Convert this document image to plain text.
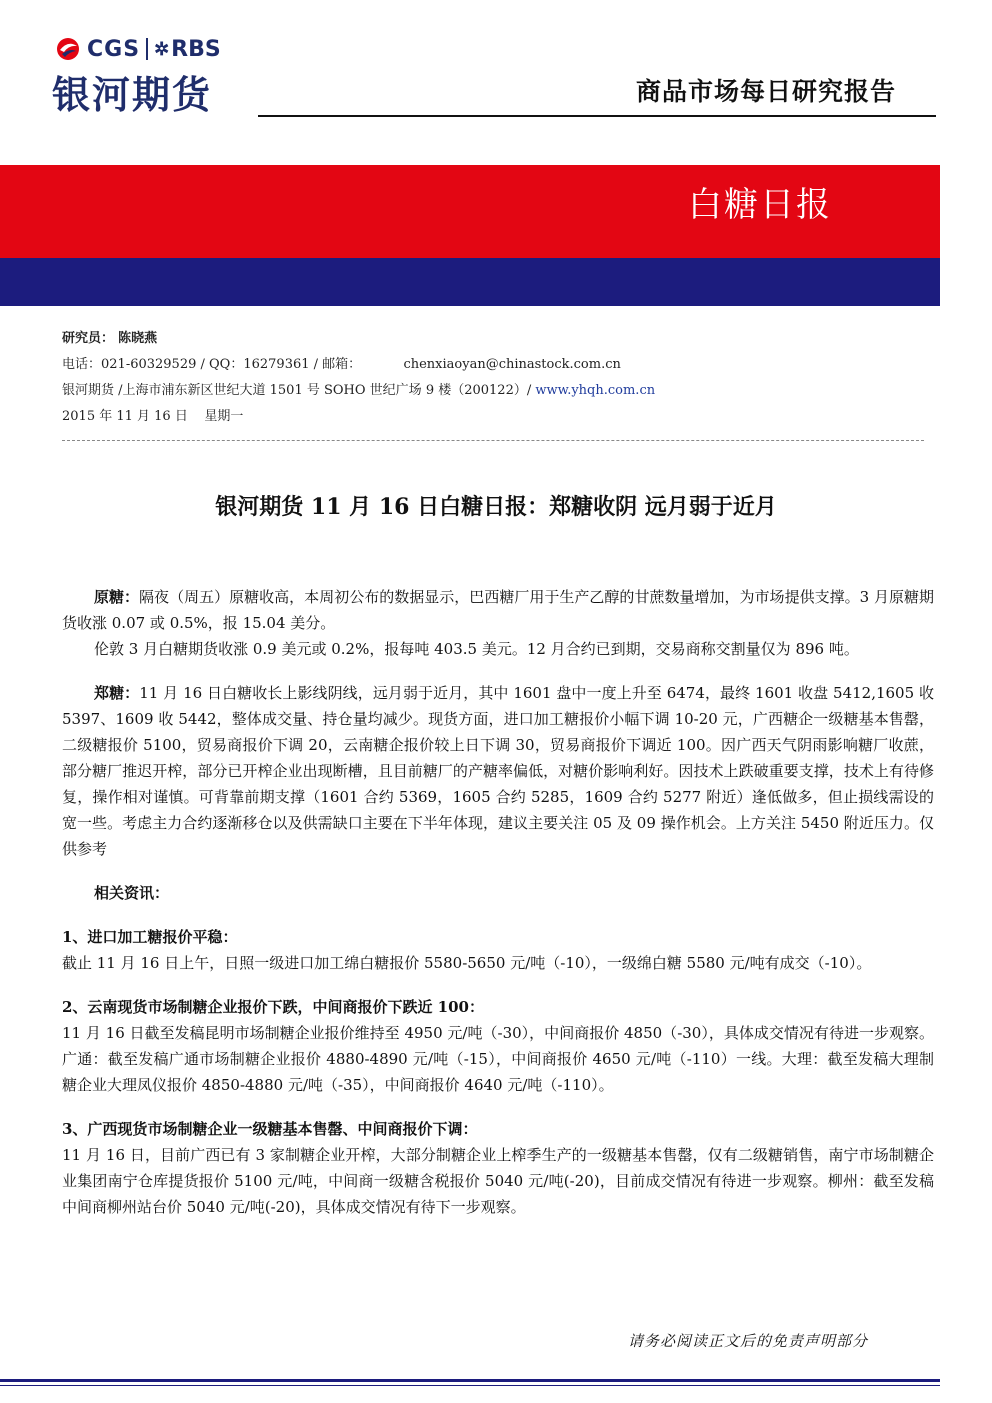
CGS ✲ RBS
银河期货	商品市场每日研究报告
白糖日报
研究员： 陈晓燕
电话：021-60329529 / QQ：16279361 / 邮箱：	chenxiaoyan@chinastock.com.cn
银河期货 /上海市浦东新区世纪大道 1501 号 SOHO 世纪广场 9 楼（200122）/ www.yhqh.com.cn
2015 年 11 月 16 日    星期一
银河期货 11 月 16 日白糖日报：郑糖收阴 远月弱于近月

原糖：隔夜（周五）原糖收高，本周初公布的数据显示，巴西糖厂用于生产乙醇的甘蔗数量增加，为市场提供支撑。3 月原糖期货收涨 0.07 或 0.5%，报 15.04 美分。

伦敦 3 月白糖期货收涨 0.9 美元或 0.2%，报每吨 403.5 美元。12 月合约已到期，交易商称交割量仅为 896 吨。

郑糖：11 月 16 日白糖收长上影线阴线，远月弱于近月，其中 1601 盘中一度上升至 6474，最终 1601 收盘 5412,1605 收 5397、1609 收 5442，整体成交量、持仓量均减少。现货方面，进口加工糖报价小幅下调 10-20 元，广西糖企一级糖基本售罄，二级糖报价 5100，贸易商报价下调 20，云南糖企报价较上日下调 30，贸易商报价下调近 100。因广西天气阴雨影响糖厂收蔗，部分糖厂推迟开榨，部分已开榨企业出现断槽，且目前糖厂的产糖率偏低，对糖价影响利好。因技术上跌破重要支撑，技术上有待修复，操作相对谨慎。可背靠前期支撑（1601 合约 5369，1605 合约 5285，1609 合约 5277 附近）逢低做多，但止损线需设的宽一些。考虑主力合约逐渐移仓以及供需缺口主要在下半年体现，建议主要关注 05 及 09 操作机会。上方关注 5450 附近压力。仅供参考

相关资讯：

1、进口加工糖报价平稳：

截止 11 月 16 日上午，日照一级进口加工绵白糖报价 5580-5650 元/吨（-10），一级绵白糖 5580 元/吨有成交（-10）。

2、云南现货市场制糖企业报价下跌，中间商报价下跌近 100：

11 月 16 日截至发稿昆明市场制糖企业报价维持至 4950 元/吨（-30），中间商报价 4850（-30），具体成交情况有待进一步观察。广通：截至发稿广通市场制糖企业报价 4880-4890 元/吨（-15），中间商报价 4650 元/吨（-110）一线。大理：截至发稿大理制糖企业大理凤仪报价 4850-4880 元/吨（-35），中间商报价 4640 元/吨（-110）。

3、广西现货市场制糖企业一级糖基本售罄、中间商报价下调：

11 月 16 日，目前广西已有 3 家制糖企业开榨，大部分制糖企业上榨季生产的一级糖基本售罄，仅有二级糖销售，南宁市场制糖企业集团南宁仓库提货报价 5100 元/吨，中间商一级糖含税报价 5040 元/吨(-20)，目前成交情况有待进一步观察。柳州：截至发稿中间商柳州站台价 5040 元/吨(-20)，具体成交情况有待下一步观察。

请务必阅读正文后的免责声明部分
